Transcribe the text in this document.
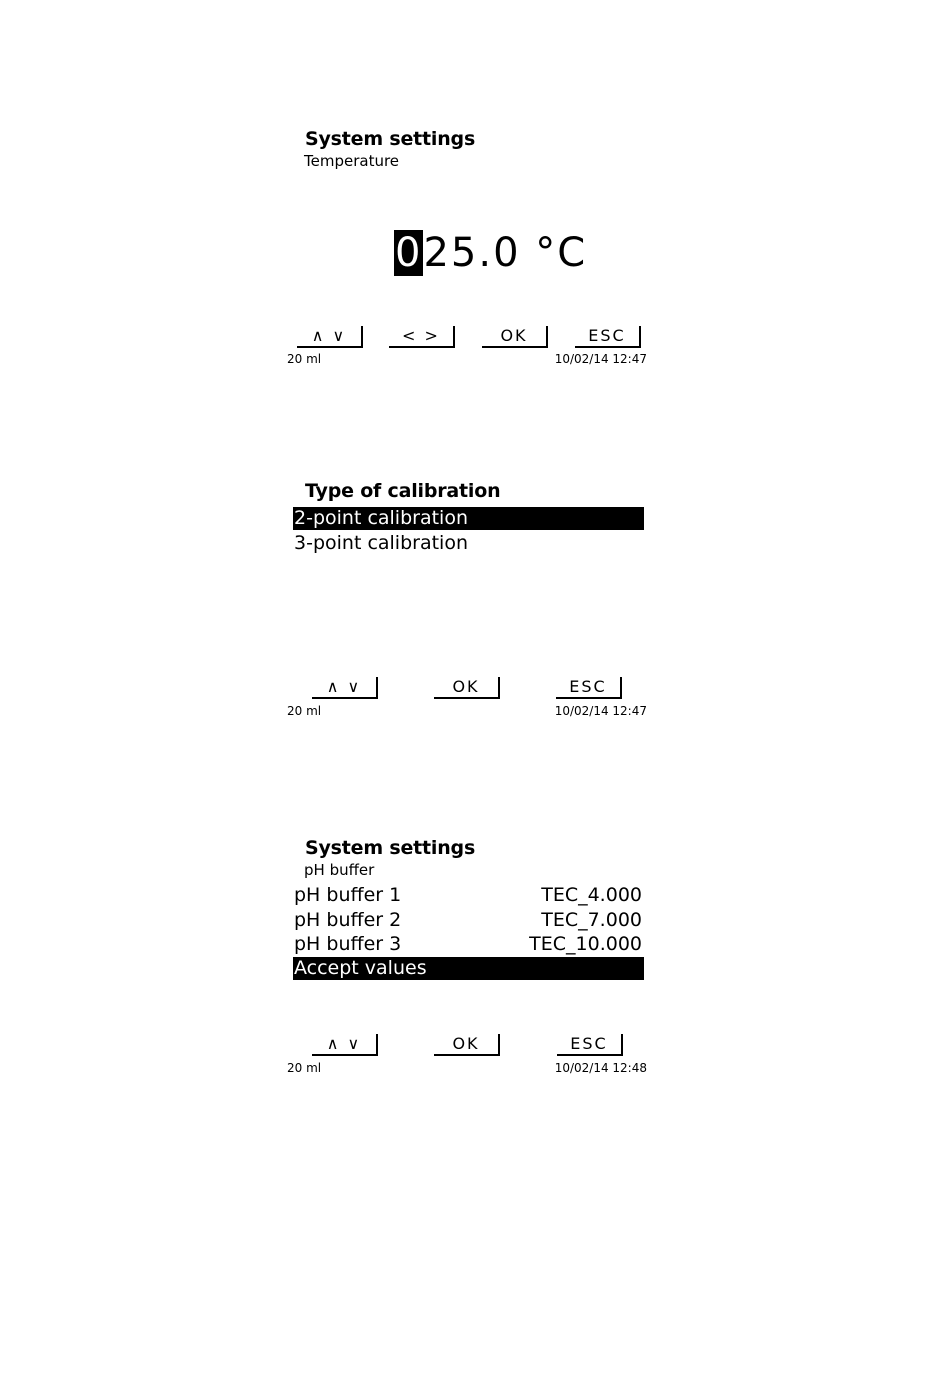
System settings
Temperature
025.0 °C
∧ ∨	< >	OK	ESC
20 ml	10/02/14 12:47
Type of calibration
2-point calibration
3-point calibration
∧ ∨	OK	ESC
20 ml	10/02/14 12:47
System settings
pH buffer
pH buffer 1	TEC_4.000
pH buffer 2	TEC_7.000
pH buffer 3	TEC_10.000
Accept values
∧ ∨	OK	ESC
20 ml	10/02/14 12:48
